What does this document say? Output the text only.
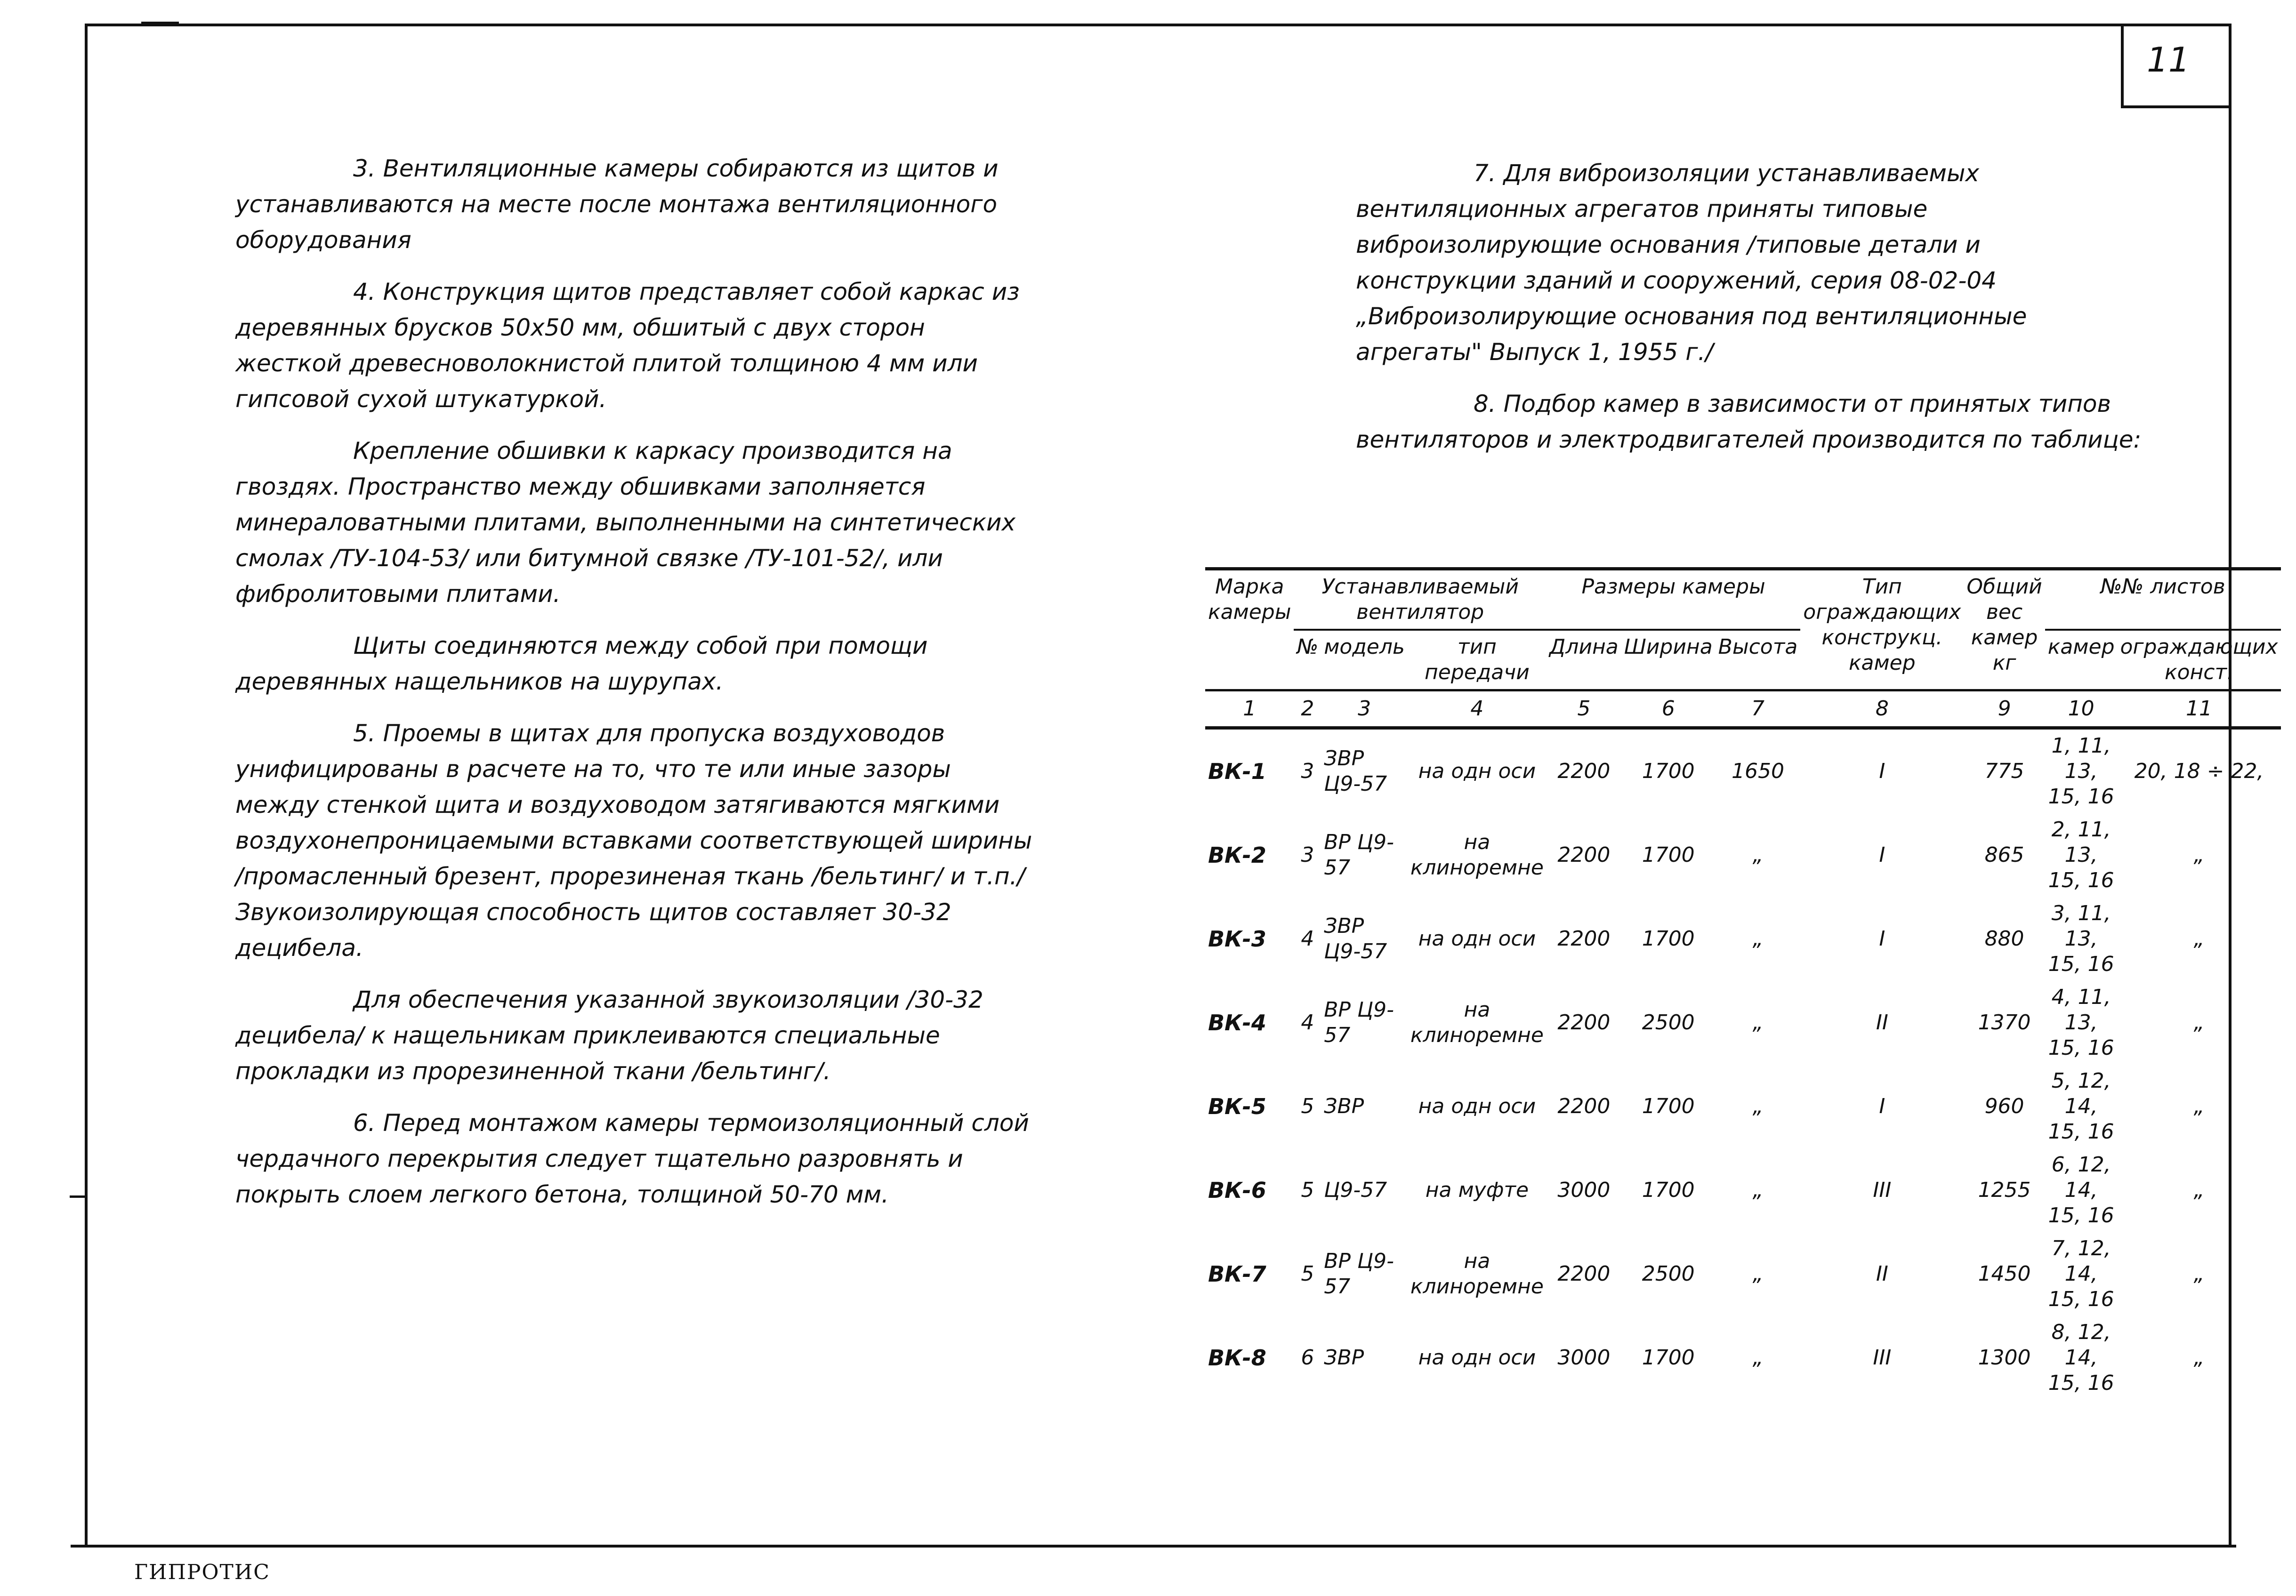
11

3. Вентиляционные камеры собираются из щитов и устанавливаются на месте после монтажа вентиляционного оборудования

4. Конструкция щитов представляет собой каркас из деревянных брусков 50х50 мм, обшитый с двух сторон жесткой древесноволокнистой плитой толщиною 4 мм или гипсовой сухой штукатуркой.

Крепление обшивки к каркасу производится на гвоздях. Пространство между обшивками заполняется минераловатными плитами, выполненными на синтетических смолах /ТУ-104-53/ или битумной связке /ТУ-101-52/, или фибролитовыми плитами.

Щиты соединяются между собой при помощи деревянных нащельников на шурупах.

5. Проемы в щитах для пропуска воздуховодов унифицированы в расчете на то, что те или иные зазоры между стенкой щита и воздуховодом затягиваются мягкими воздухонепроницаемыми вставками соответствующей ширины /промасленный брезент, прорезиненая ткань /бельтинг/ и т.п./ Звукоизолирующая способность щитов составляет 30-32 децибела.

Для обеспечения указанной звукоизоляции /30-32 децибела/ к нащельникам приклеиваются специальные прокладки из прорезиненной ткани /бельтинг/.

6. Перед монтажом камеры термоизоляционный слой чердачного перекрытия следует тщательно разровнять и покрыть слоем легкого бетона, толщиной 50-70 мм.

7. Для виброизоляции устанавливаемых вентиляционных агрегатов приняты типовые виброизолирующие основания /типовые детали и конструкции зданий и сооружений, серия 08-02-04 „Виброизолирующие основания под вентиляционные агрегаты" Выпуск 1, 1955 г./

8. Подбор камер в зависимости от принятых типов вентиляторов и электродвигателей производится по таблице:

Марка камеры	Устанавливаемый вентилятор			Размеры камеры			Тип ограждающих конструкц. камер	Общий вес камер кг	№№ листов	
	№	модель	тип передачи	Длина	Ширина	Высота			камер	ограждающих конст.
1	2	3	4	5	6	7	8	9	10	11
ВК-1	3	ЗВР Ц9-57	на одн оси	2200	1700	1650	I	775	1, 11, 13, 15, 16	20, 18 ÷ 22,
ВК-2	3	ВР Ц9-57	на клиноремне	2200	1700	„	I	865	2, 11, 13, 15, 16	„
ВК-3	4	ЗВР Ц9-57	на одн оси	2200	1700	„	I	880	3, 11, 13, 15, 16	„
ВК-4	4	ВР Ц9-57	на клиноремне	2200	2500	„	II	1370	4, 11, 13, 15, 16	„
ВК-5	5	ЗВР	на одн оси	2200	1700	„	I	960	5, 12, 14, 15, 16	„
ВК-6	5	Ц9-57	на муфте	3000	1700	„	III	1255	6, 12, 14, 15, 16	„
ВК-7	5	ВР Ц9-57	на клиноремне	2200	2500	„	II	1450	7, 12, 14, 15, 16	„
ВК-8	6	ЗВР	на одн оси	3000	1700	„	III	1300	8, 12, 14, 15, 16	„
ГИПРОТИС
